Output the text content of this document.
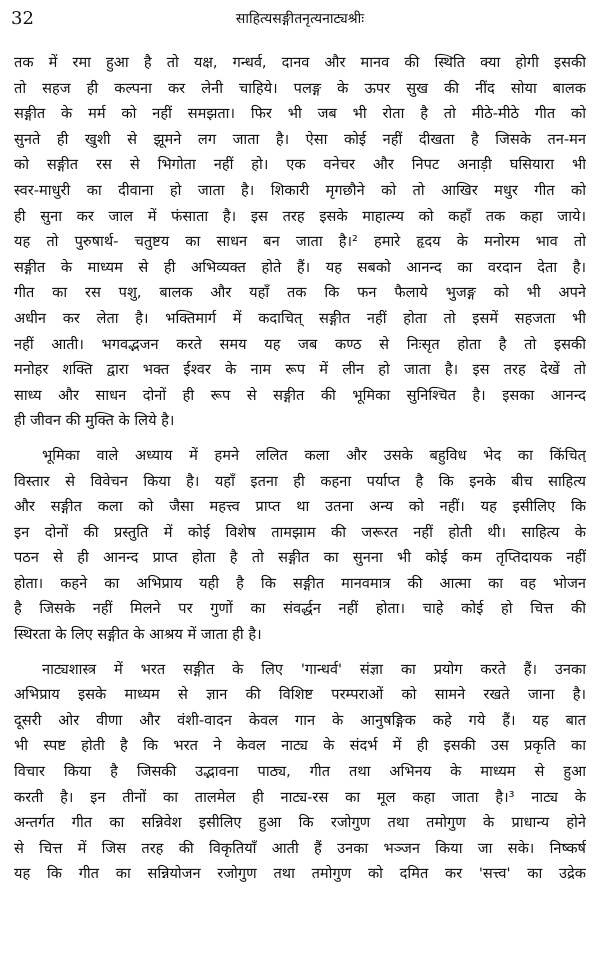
32	साहित्यसङ्गीतनृत्यनाट्यश्रीः

तक में रमा हुआ है तो यक्ष, गन्धर्व, दानव और मानव की स्थिति क्या होगी इसकी
तो सहज ही कल्पना कर लेनी चाहिये। पलङ्ग के ऊपर सुख की नींद सोया बालक
सङ्गीत के मर्म को नहीं समझता। फिर भी जब भी रोता है तो मीठे-मीठे गीत को
सुनते ही खुशी से झूमने लग जाता है। ऐसा कोई नहीं दीखता है जिसके तन-मन
को सङ्गीत रस से भिगोता नहीं हो। एक वनेचर और निपट अनाड़ी घसियारा भी
स्वर-माधुरी का दीवाना हो जाता है। शिकारी मृगछौने को तो आखिर मधुर गीत को
ही सुना कर जाल में फंसाता है। इस तरह इसके माहात्म्य को कहाँ तक कहा जाये।
यह तो पुरुषार्थ- चतुष्टय का साधन बन जाता है।² हमारे हृदय के मनोरम भाव तो
सङ्गीत के माध्यम से ही अभिव्यक्त होते हैं। यह सबको आनन्द का वरदान देता है।
गीत का रस पशु, बालक और यहाँ तक कि फन फैलाये भुजङ्ग को भी अपने
अधीन कर लेता है। भक्तिमार्ग में कदाचित् सङ्गीत नहीं होता तो इसमें सहजता भी
नहीं आती। भगवद्भजन करते समय यह जब कण्ठ से निःसृत होता है तो इसकी
मनोहर शक्ति द्वारा भक्त ईश्वर के नाम रूप में लीन हो जाता है। इस तरह देखें तो
साध्य और साधन दोनों ही रूप से सङ्गीत की भूमिका सुनिश्चित है। इसका आनन्द
ही जीवन की मुक्ति के लिये है।

भूमिका वाले अध्याय में हमने ललित कला और उसके बहुविध भेद का किंचित्
विस्तार से विवेचन किया है। यहाँ इतना ही कहना पर्याप्त है कि इनके बीच साहित्य
और सङ्गीत कला को जैसा महत्त्व प्राप्त था उतना अन्य को नहीं। यह इसीलिए कि
इन दोनों की प्रस्तुति में कोई विशेष तामझाम की जरूरत नहीं होती थी। साहित्य के
पठन से ही आनन्द प्राप्त होता है तो सङ्गीत का सुनना भी कोई कम तृप्तिदायक नहीं
होता। कहने का अभिप्राय यही है कि सङ्गीत मानवमात्र की आत्मा का वह भोजन
है जिसके नहीं मिलने पर गुणों का संवर्द्धन नहीं होता। चाहे कोई हो चित्त की
स्थिरता के लिए सङ्गीत के आश्रय में जाता ही है।

नाट्यशास्त्र में भरत सङ्गीत के लिए 'गान्धर्व' संज्ञा का प्रयोग करते हैं। उनका
अभिप्राय इसके माध्यम से ज्ञान की विशिष्ट परम्पराओं को सामने रखते जाना है।
दूसरी ओर वीणा और वंशी-वादन केवल गान के आनुषङ्गिक कहे गये हैं। यह बात
भी स्पष्ट होती है कि भरत ने केवल नाट्य के संदर्भ में ही इसकी उस प्रकृति का
विचार किया है जिसकी उद्भावना पाठ्य, गीत तथा अभिनय के माध्यम से हुआ
करती है। इन तीनों का तालमेल ही नाट्य-रस का मूल कहा जाता है।³ नाट्य के
अन्तर्गत गीत का सन्निवेश इसीलिए हुआ कि रजोगुण तथा तमोगुण के प्राधान्य होने
से चित्त में जिस तरह की विकृतियाँ आती हैं उनका भञ्जन किया जा सके। निष्कर्ष
यह कि गीत का सन्नियोजन रजोगुण तथा तमोगुण को दमित कर 'सत्त्व' का उद्रेक
